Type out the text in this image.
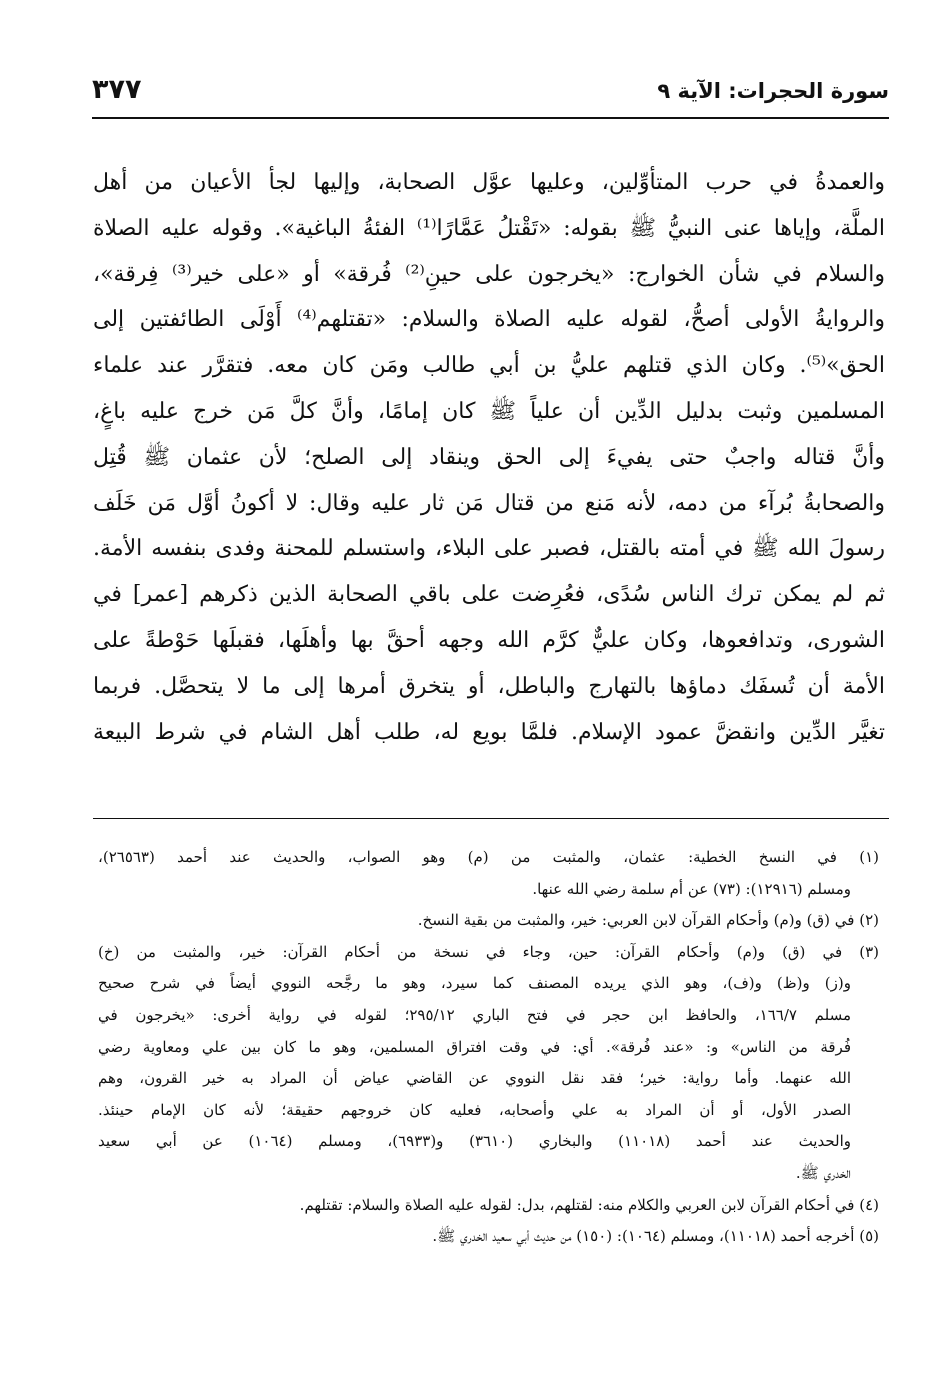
سورة الحجرات: الآية ٩
٣٧٧
والعمدةُ في حرب المتأوِّلين، وعليها عوَّل الصحابة، وإليها لجأ الأعيان من أهل
الملَّة، وإياها عنى النبيُّ ﷺ بقوله: «تَقْتلُ عَمَّارًا⁽¹⁾ الفئةُ الباغية». وقوله عليه الصلاة
والسلام في شأن الخوارج: «يخرجون على حينِ⁽²⁾ فُرقة» أو «على خير⁽³⁾ فِرقة»،
والروايةُ الأولى أصحُّ، لقوله عليه الصلاة والسلام: «تقتلهم⁽⁴⁾ أَوْلَى الطائفتين إلى
الحق»⁽⁵⁾. وكان الذي قتلهم عليُّ بن أبي طالب ومَن كان معه. فتقرَّر عند علماء
المسلمين وثبت بدليل الدِّين أن علياً ﷺ كان إمامًا، وأنَّ كلَّ مَن خرج عليه باغٍ،
وأنَّ قتاله واجبٌ حتى يفيءَ إلى الحق وينقاد إلى الصلح؛ لأن عثمان ﷺ قُتِل
والصحابةُ بُرآء من دمه، لأنه مَنع من قتال مَن ثار عليه وقال: لا أكونُ أوَّل مَن خَلَف
رسولَ الله ﷺ في أمته بالقتل، فصبر على البلاء، واستسلم للمحنة وفدى بنفسه الأمة.
ثم لم يمكن ترك الناس سُدًى، فعُرِضت على باقي الصحابة الذين ذكرهم [عمر] في
الشورى، وتدافعوها، وكان عليٌّ كرَّم الله وجهه أحقَّ بها وأهلَها، فقبلَها حَوْطةً على
الأمة أن تُسفَك دماؤها بالتهارج والباطل، أو يتخرق أمرها إلى ما لا يتحصَّل. فربما
تغيَّر الدِّين وانقضَّ عمود الإسلام. فلمَّا بويع له، طلب أهل الشام في شرط البيعة
(١) في النسخ الخطية: عثمان، والمثبت من (م) وهو الصواب، والحديث عند أحمد (٢٦٥٦٣)،
ومسلم (١٢٩١٦): (٧٣) عن أم سلمة رضي الله عنها.
(٢) في (ق) و(م) وأحكام القرآن لابن العربي: خير، والمثبت من بقية النسخ.
(٣) في (ق) و(م) وأحكام القرآن: حين، وجاء في نسخة من أحكام القرآن: خير، والمثبت من (خ)
و(ز) و(ظ) و(ف)، وهو الذي يريده المصنف كما سيرد، وهو ما رجَّحه النووي أيضاً في شرح صحيح
مسلم ١٦٦/٧، والحافظ ابن حجر في فتح الباري ٢٩٥/١٢؛ لقوله في رواية أخرى: «يخرجون في
فُرقة من الناس» و: «عند فُرقة». أي: في وقت افتراق المسلمين، وهو ما كان بين علي ومعاوية رضي
الله عنهما. وأما رواية: خير؛ فقد نقل النووي عن القاضي عياض أن المراد به خير القرون، وهم
الصدر الأول، أو أن المراد به علي وأصحابه، فعليه كان خروجهم حقيقة؛ لأنه كان الإمام حينئذ.
والحديث عند أحمد (١١٠١٨) والبخاري (٣٦١٠) و(٦٩٣٣)، ومسلم (١٠٦٤) عن أبي سعيد
الخدري ﷺ.
(٤) في أحكام القرآن لابن العربي والكلام منه: لقتلهم، بدل: لقوله عليه الصلاة والسلام: تقتلهم.
(٥) أخرجه أحمد (١١٠١٨)، ومسلم (١٠٦٤): (١٥٠) من حديث أبي سعيد الخدري ﷺ.
